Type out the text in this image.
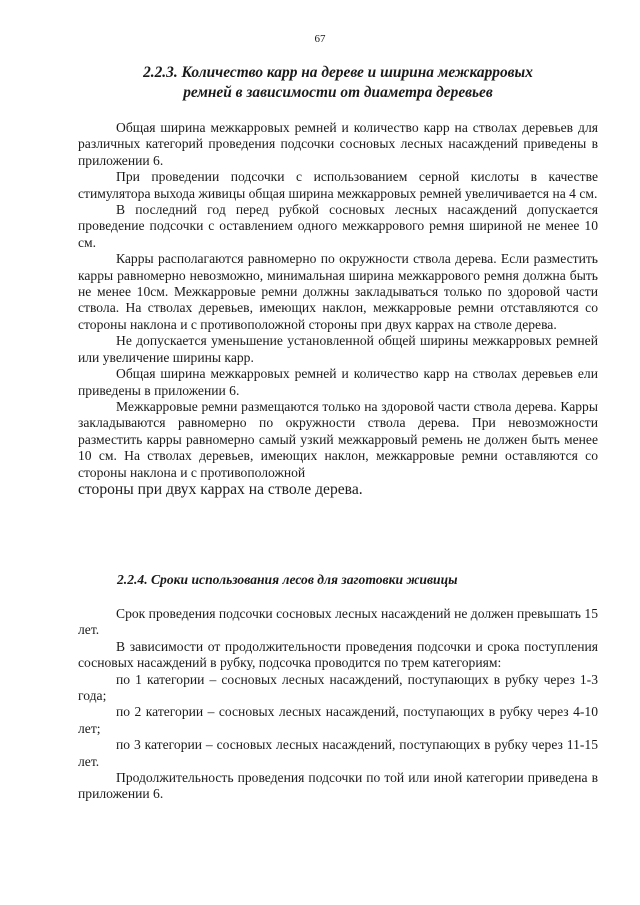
67
2.2.3. Количество карр на дереве и ширина межкарровых
ремней в зависимости от диаметра деревьев

Общая ширина межкарровых ремней и количество карр на стволах деревьев для различных категорий проведения подсочки сосновых лесных насаждений приведены в приложении 6.

При проведении подсочки с использованием серной кислоты в качестве стимулятора выхода живицы общая ширина межкарровых ремней увеличивается на 4 см.

В последний год перед рубкой сосновых лесных насаждений допускается проведение подсочки с оставлением одного межкаррового ремня шириной не менее 10 см.

Карры располагаются равномерно по окружности ствола дерева. Если разместить карры равномерно невозможно, минимальная ширина межкаррового ремня должна быть не менее 10см. Межкарровые ремни должны закладываться только по здоровой части ствола. На стволах деревьев, имеющих наклон, межкарровые ремни отставляются со стороны наклона и с противоположной стороны при двух каррах на стволе дерева.

Не допускается уменьшение установленной общей ширины межкарровых ремней или увеличение ширины карр.

Общая ширина межкарровых ремней и количество карр на стволах деревьев ели приведены в приложении 6.

Межкарровые ремни размещаются только на здоровой части ствола дерева. Карры закладываются равномерно по окружности ствола дерева. При невозможности разместить карры равномерно самый узкий межкарровый ремень не должен быть менее 10 см. На стволах деревьев, имеющих наклон, межкарровые ремни оставляются со стороны наклона и с противоположной

стороны при двух каррах на стволе дерева.

2.2.4. Сроки использования лесов для заготовки живицы

Срок проведения подсочки сосновых лесных насаждений не должен превышать 15 лет.

В зависимости от продолжительности проведения подсочки и срока поступления сосновых насаждений в рубку, подсочка проводится по трем категориям:

по 1 категории – сосновых лесных насаждений, поступающих в рубку через 1-3 года;

по 2 категории – сосновых лесных насаждений, поступающих в рубку через 4-10 лет;

по 3 категории – сосновых лесных насаждений, поступающих в рубку через 11-15 лет.

Продолжительность проведения подсочки по той или иной категории приведена в приложении 6.
